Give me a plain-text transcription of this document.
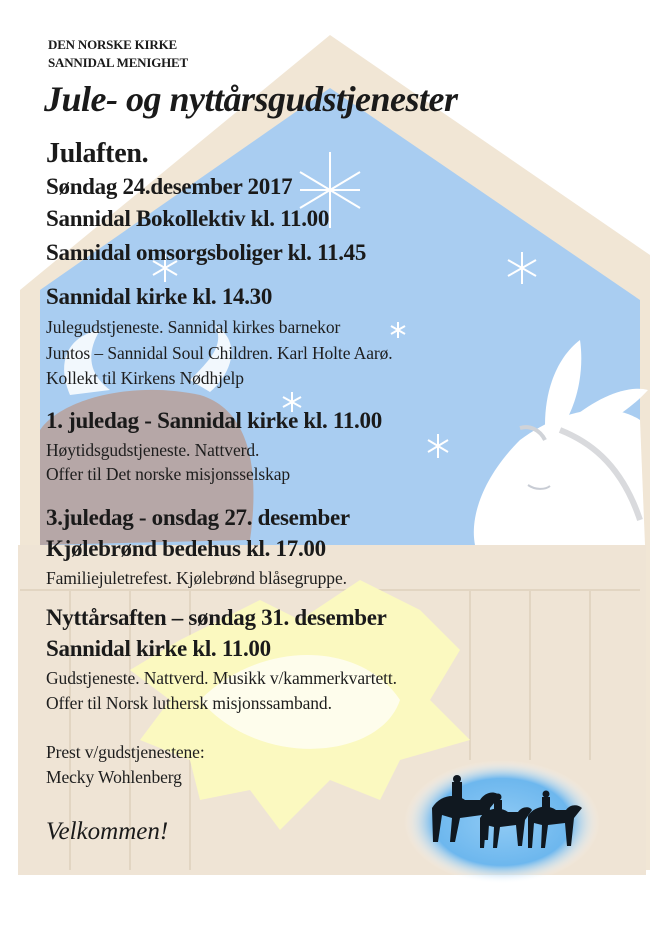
DEN NORSKE KIRKE
SANNIDAL MENIGHET
Jule- og nyttårsgudstjenester
Julaften.
Søndag 24.desember 2017
Sannidal Bokollektiv kl. 11.00
Sannidal omsorgsboliger kl. 11.45
Sannidal kirke kl. 14.30
Julegudstjeneste. Sannidal kirkes barnekor
Juntos – Sannidal Soul Children. Karl Holte Aarø.
Kollekt til Kirkens Nødhjelp
1. juledag - Sannidal kirke kl. 11.00
Høytidsgudstjeneste. Nattverd.
Offer til Det norske misjonsselskap
3.juledag - onsdag 27. desember
Kjølebrønd bedehus kl. 17.00
Familiejuletrefest. Kjølebrønd blåsegruppe.
Nyttårsaften – søndag 31. desember
Sannidal kirke kl. 11.00
Gudstjeneste. Nattverd. Musikk v/kammerkvartett.
Offer til Norsk luthersk misjonssamband.
Prest v/gudstjenestene:
Mecky Wohlenberg
Velkommen!
